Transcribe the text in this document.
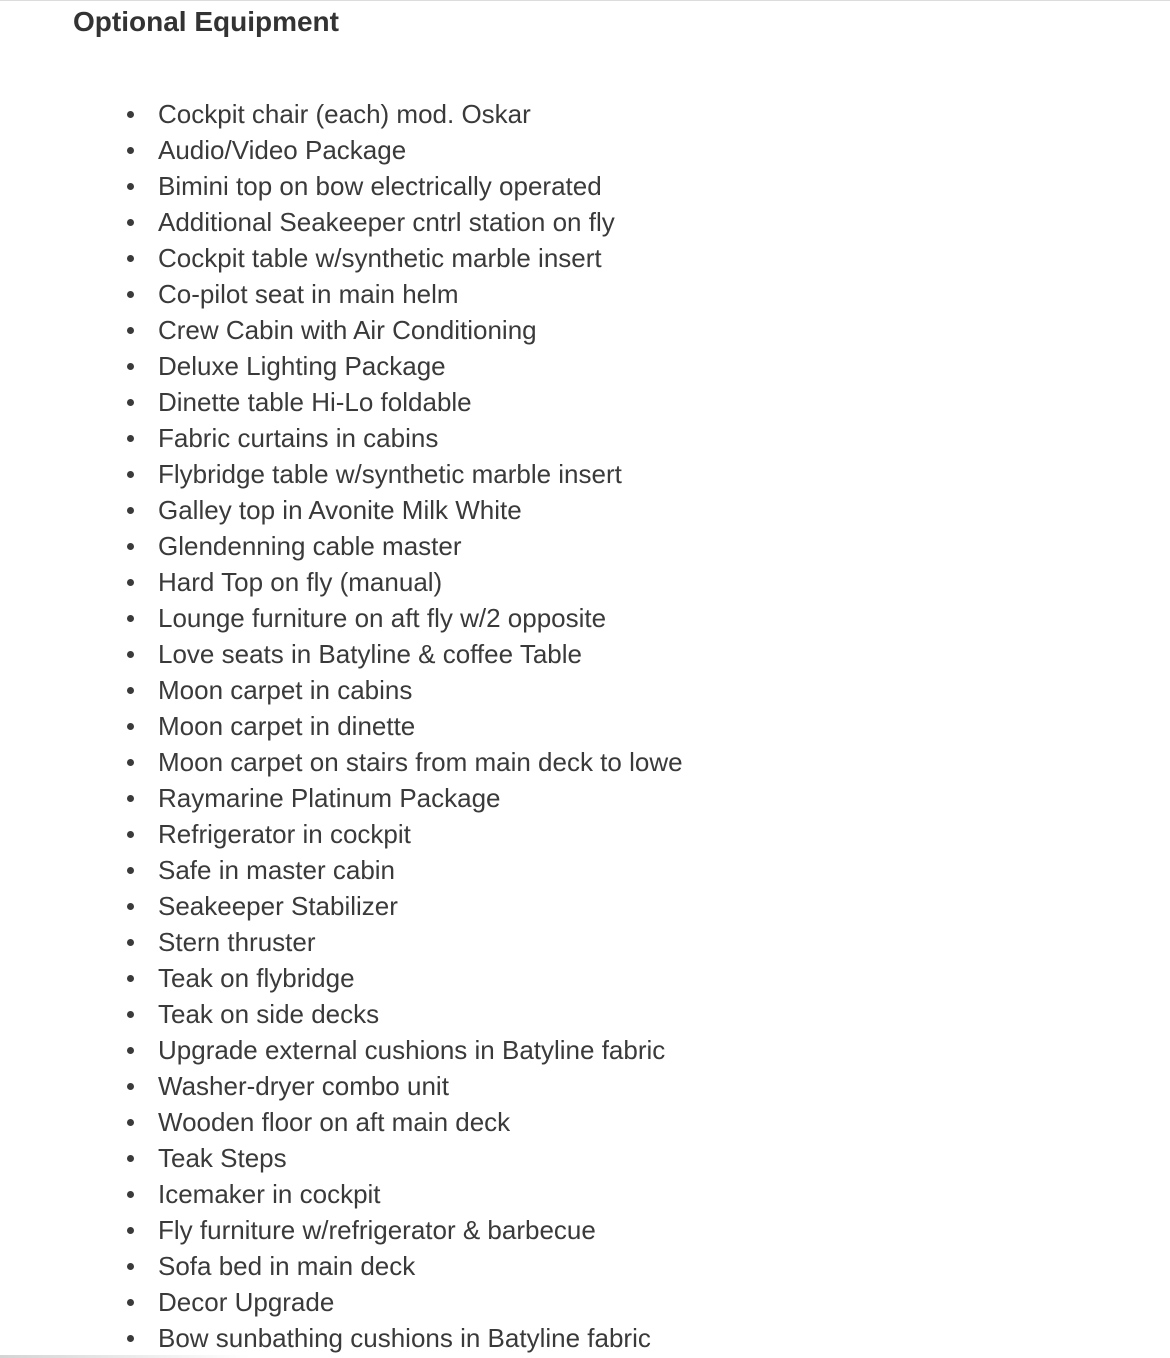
Optional Equipment
Cockpit chair (each) mod. Oskar
Audio/Video Package
Bimini top on bow electrically operated
Additional Seakeeper cntrl station on fly
Cockpit table w/synthetic marble insert
Co-pilot seat in main helm
Crew Cabin with Air Conditioning
Deluxe Lighting Package
Dinette table Hi-Lo foldable
Fabric curtains in cabins
Flybridge table w/synthetic marble insert
Galley top in Avonite Milk White
Glendenning cable master
Hard Top on fly (manual)
Lounge furniture on aft fly w/2 opposite
Love seats in Batyline & coffee Table
Moon carpet in cabins
Moon carpet in dinette
Moon carpet on stairs from main deck to lowe
Raymarine Platinum Package
Refrigerator in cockpit
Safe in master cabin
Seakeeper Stabilizer
Stern thruster
Teak on flybridge
Teak on side decks
Upgrade external cushions in Batyline fabric
Washer-dryer combo unit
Wooden floor on aft main deck
Teak Steps
Icemaker in cockpit
Fly furniture w/refrigerator & barbecue
Sofa bed in main deck
Decor Upgrade
Bow sunbathing cushions in Batyline fabric
